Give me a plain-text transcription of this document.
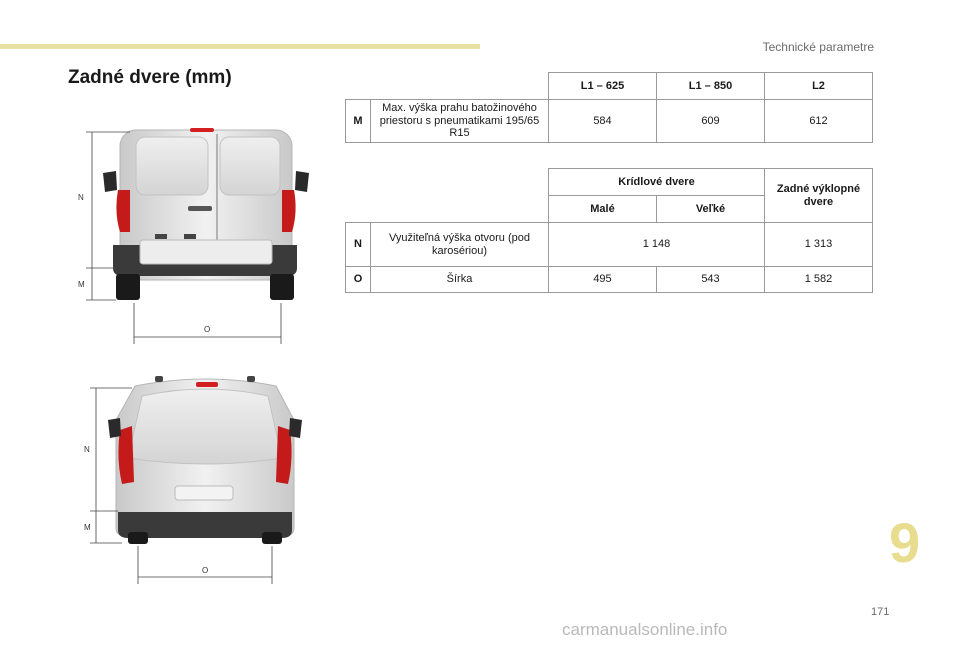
Technické parametre
Zadné dvere (mm)
N
M
O
N
M
O
		L1 – 625	L1 – 850	L2
M	Max. výška prahu batožinového priestoru s pneumatikami 195/65 R15	584	609	612
		Krídlové dvere		Zadné výklopné dvere
		Malé	Veľké	
N	Využiteľná výška otvoru (pod karosériou)	1 148		1 313
O	Šírka	495	543	1 582
9
171
carmanualsonline.info
